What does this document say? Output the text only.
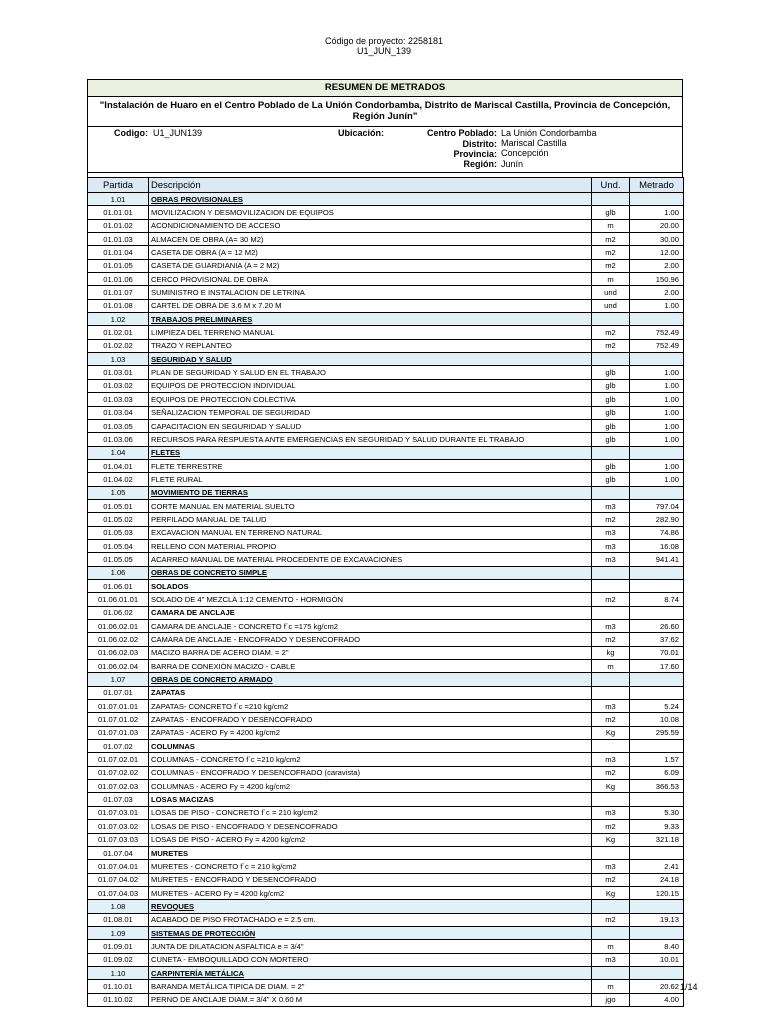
Código de proyecto: 2258181
U1_JUN_139
RESUMEN DE METRADOS
"Instalación de Huaro en el Centro Poblado de La Unión Condorbamba, Distrito de Mariscal Castilla, Provincia de Concepción, Región Junín"
Codigo: U1_JUN139	Ubicación:	Centro Poblado: La Unión Condorbamba
Distrito: Mariscal Castilla
Provincia: Concepción
Región: Junín
Partida	Descripción	Und.	Metrado
1.01	OBRAS PROVISIONALES		
01.01.01	MOVILIZACION Y DESMOVILIZACION DE EQUIPOS	glb	1.00
01.01.02	ACONDICIONAMIENTO DE ACCESO	m	20.00
01.01.03	ALMACEN DE OBRA (A= 30 M2)	m2	30.00
01.01.04	CASETA DE OBRA (A = 12 M2)	m2	12.00
01.01.05	CASETA DE GUARDIANIA (A = 2 M2)	m2	2.00
01.01.06	CERCO PROVISIONAL DE OBRA	m	150.96
01.01.07	SUMINISTRO E INSTALACION DE LETRINA	und	2.00
01.01.08	CARTEL DE OBRA DE 3.6 M x 7.20 M	und	1.00
1.02	TRABAJOS PRELIMINARES		
01.02.01	LIMPIEZA DEL TERRENO MANUAL	m2	752.49
01.02.02	TRAZO Y REPLANTEO	m2	752.49
1.03	SEGURIDAD Y SALUD		
01.03.01	PLAN DE SEGURIDAD Y SALUD EN EL TRABAJO	glb	1.00
01.03.02	EQUIPOS DE PROTECCION INDIVIDUAL	glb	1.00
01.03.03	EQUIPOS DE PROTECCION COLECTIVA	glb	1.00
01.03.04	SEÑALIZACION TEMPORAL DE SEGURIDAD	glb	1.00
01.03.05	CAPACITACION EN SEGURIDAD Y SALUD	glb	1.00
01.03.06	RECURSOS PARA RESPUESTA ANTE EMERGENCIAS EN SEGURIDAD Y SALUD DURANTE EL TRABAJO	glb	1.00
1.04	FLETES		
01.04.01	FLETE TERRESTRE	glb	1.00
01.04.02	FLETE RURAL	glb	1.00
1.05	MOVIMIENTO DE TIERRAS		
01.05.01	CORTE MANUAL EN MATERIAL SUELTO	m3	797.04
01.05.02	PERFILADO MANUAL DE TALUD	m2	282.90
01.05.03	EXCAVACION MANUAL EN TERRENO NATURAL	m3	74.86
01.05.04	RELLENO CON MATERIAL PROPIO	m3	16.08
01.05.05	ACARREO MANUAL DE MATERIAL PROCEDENTE DE EXCAVACIONES	m3	941.41
1.06	OBRAS DE CONCRETO SIMPLE		
01.06.01	SOLADOS		
01.06.01.01	SOLADO DE 4" MEZCLA 1:12 CEMENTO - HORMIGÓN	m2	8.74
01.06.02	CAMARA DE ANCLAJE		
01.06.02.01	CAMARA DE ANCLAJE - CONCRETO f´c =175 kg/cm2	m3	26.60
01.06.02.02	CAMARA DE ANCLAJE - ENCOFRADO Y DESENCOFRADO	m2	37.62
01.06.02.03	MACIZO BARRA DE ACERO DIAM. = 2"	kg	70.01
01.06.02.04	BARRA DE CONEXIÓN MACIZO - CABLE	m	17.60
1.07	OBRAS DE CONCRETO ARMADO		
01.07.01	ZAPATAS		
01.07.01.01	ZAPATAS- CONCRETO f´c =210 kg/cm2	m3	5.24
01.07.01.02	ZAPATAS - ENCOFRADO Y DESENCOFRADO	m2	10.08
01.07.01.03	ZAPATAS - ACERO Fy = 4200 kg/cm2	Kg	295.59
01.07.02	COLUMNAS		
01.07.02.01	COLUMNAS - CONCRETO f´c =210 kg/cm2	m3	1.57
01.07.02.02	COLUMNAS - ENCOFRADO Y DESENCOFRADO (caravista)	m2	6.09
01.07.02.03	COLUMNAS - ACERO Fy = 4200 kg/cm2	Kg	366.53
01.07.03	LOSAS MACIZAS		
01.07.03.01	LOSAS DE PISO - CONCRETO f´c = 210 kg/cm2	m3	5.30
01.07.03.02	LOSAS DE PISO - ENCOFRADO Y DESENCOFRADO	m2	9.33
01.07.03.03	LOSAS DE PISO - ACERO Fy = 4200 kg/cm2	Kg	321.18
01.07.04	MURETES		
01.07.04.01	MURETES - CONCRETO f´c = 210 kg/cm2	m3	2.41
01.07.04.02	MURETES - ENCOFRADO Y DESENCOFRADO	m2	24.18
01.07.04.03	MURETES - ACERO Fy = 4200 kg/cm2	Kg	120.15
1.08	REVOQUES		
01.08.01	ACABADO DE PISO FROTACHADO e = 2.5 cm.	m2	19.13
1.09	SISTEMAS DE PROTECCIÓN		
01.09.01	JUNTA DE DILATACION ASFALTICA e = 3/4"	m	8.40
01.09.02	CUNETA - EMBOQUILLADO CON MORTERO	m3	10.01
1.10	CARPINTERÍA METÁLICA		
01.10.01	BARANDA METÁLICA TIPICA DE DIAM. = 2"	m	20.62
01.10.02	PERNO DE ANCLAJE DIAM.= 3/4" X 0.60 M	jgo	4.00
1/14
